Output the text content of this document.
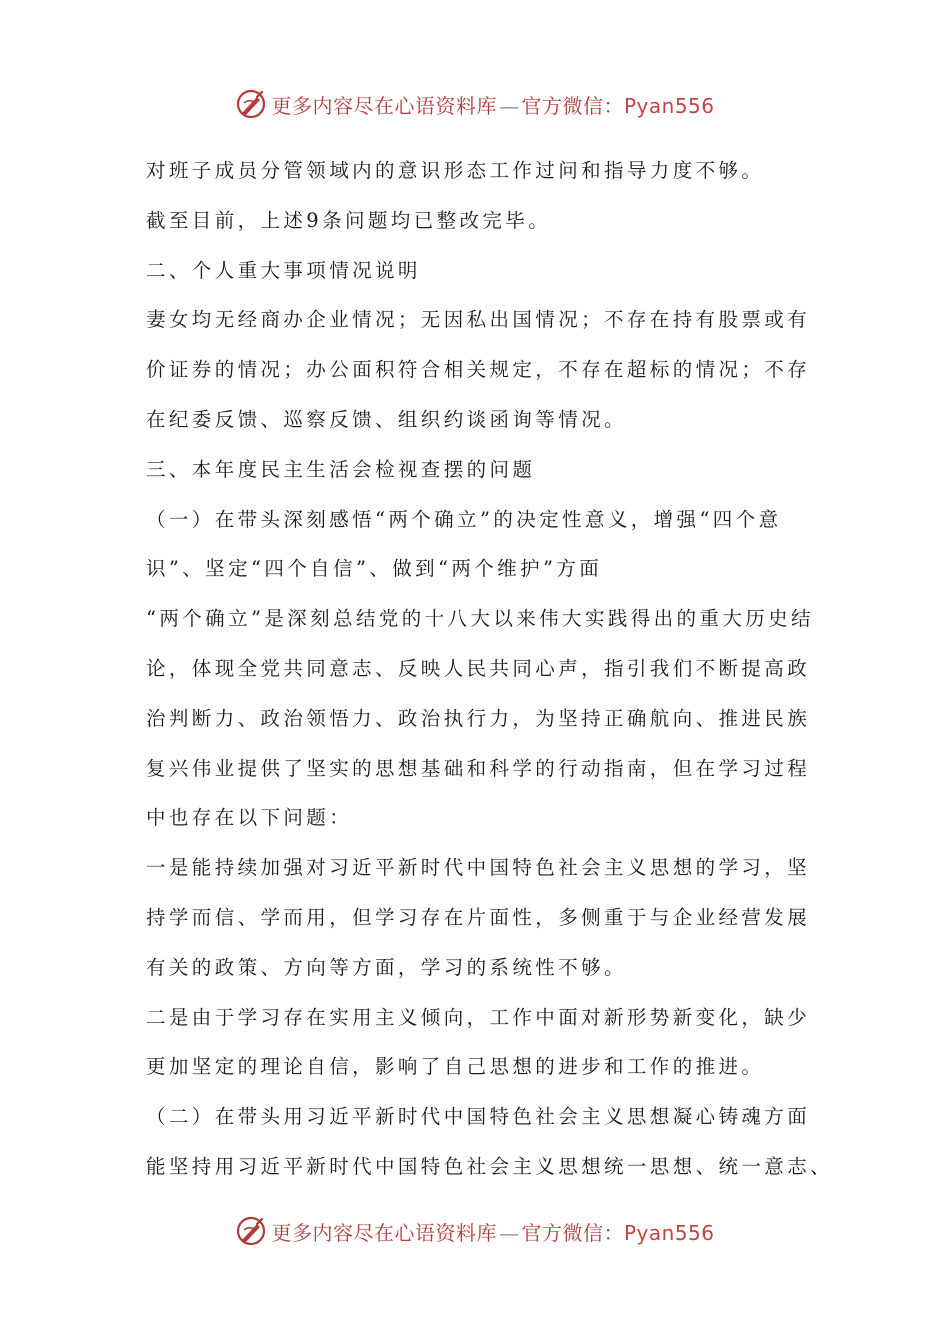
更多内容尽在心语资料库 — 官方微信：Pyan556
对班子成员分管领域内的意识形态工作过问和指导力度不够。
截至目前，上述9条问题均已整改完毕。
二、个人重大事项情况说明
妻女均无经商办企业情况；无因私出国情况；不存在持有股票或有
价证券的情况；办公面积符合相关规定，不存在超标的情况；不存
在纪委反馈、巡察反馈、组织约谈函询等情况。
三、本年度民主生活会检视查摆的问题
（一）在带头深刻感悟“两个确立”的决定性意义，增强“四个意
识”、坚定“四个自信”、做到“两个维护”方面
“两个确立”是深刻总结党的十八大以来伟大实践得出的重大历史结
论，体现全党共同意志、反映人民共同心声，指引我们不断提高政
治判断力、政治领悟力、政治执行力，为坚持正确航向、推进民族
复兴伟业提供了坚实的思想基础和科学的行动指南，但在学习过程
中也存在以下问题：
一是能持续加强对习近平新时代中国特色社会主义思想的学习，坚
持学而信、学而用，但学习存在片面性，多侧重于与企业经营发展
有关的政策、方向等方面，学习的系统性不够。
二是由于学习存在实用主义倾向，工作中面对新形势新变化，缺少
更加坚定的理论自信，影响了自己思想的进步和工作的推进。
（二）在带头用习近平新时代中国特色社会主义思想凝心铸魂方面
能坚持用习近平新时代中国特色社会主义思想统一思想、统一意志、
更多内容尽在心语资料库 — 官方微信：Pyan556
